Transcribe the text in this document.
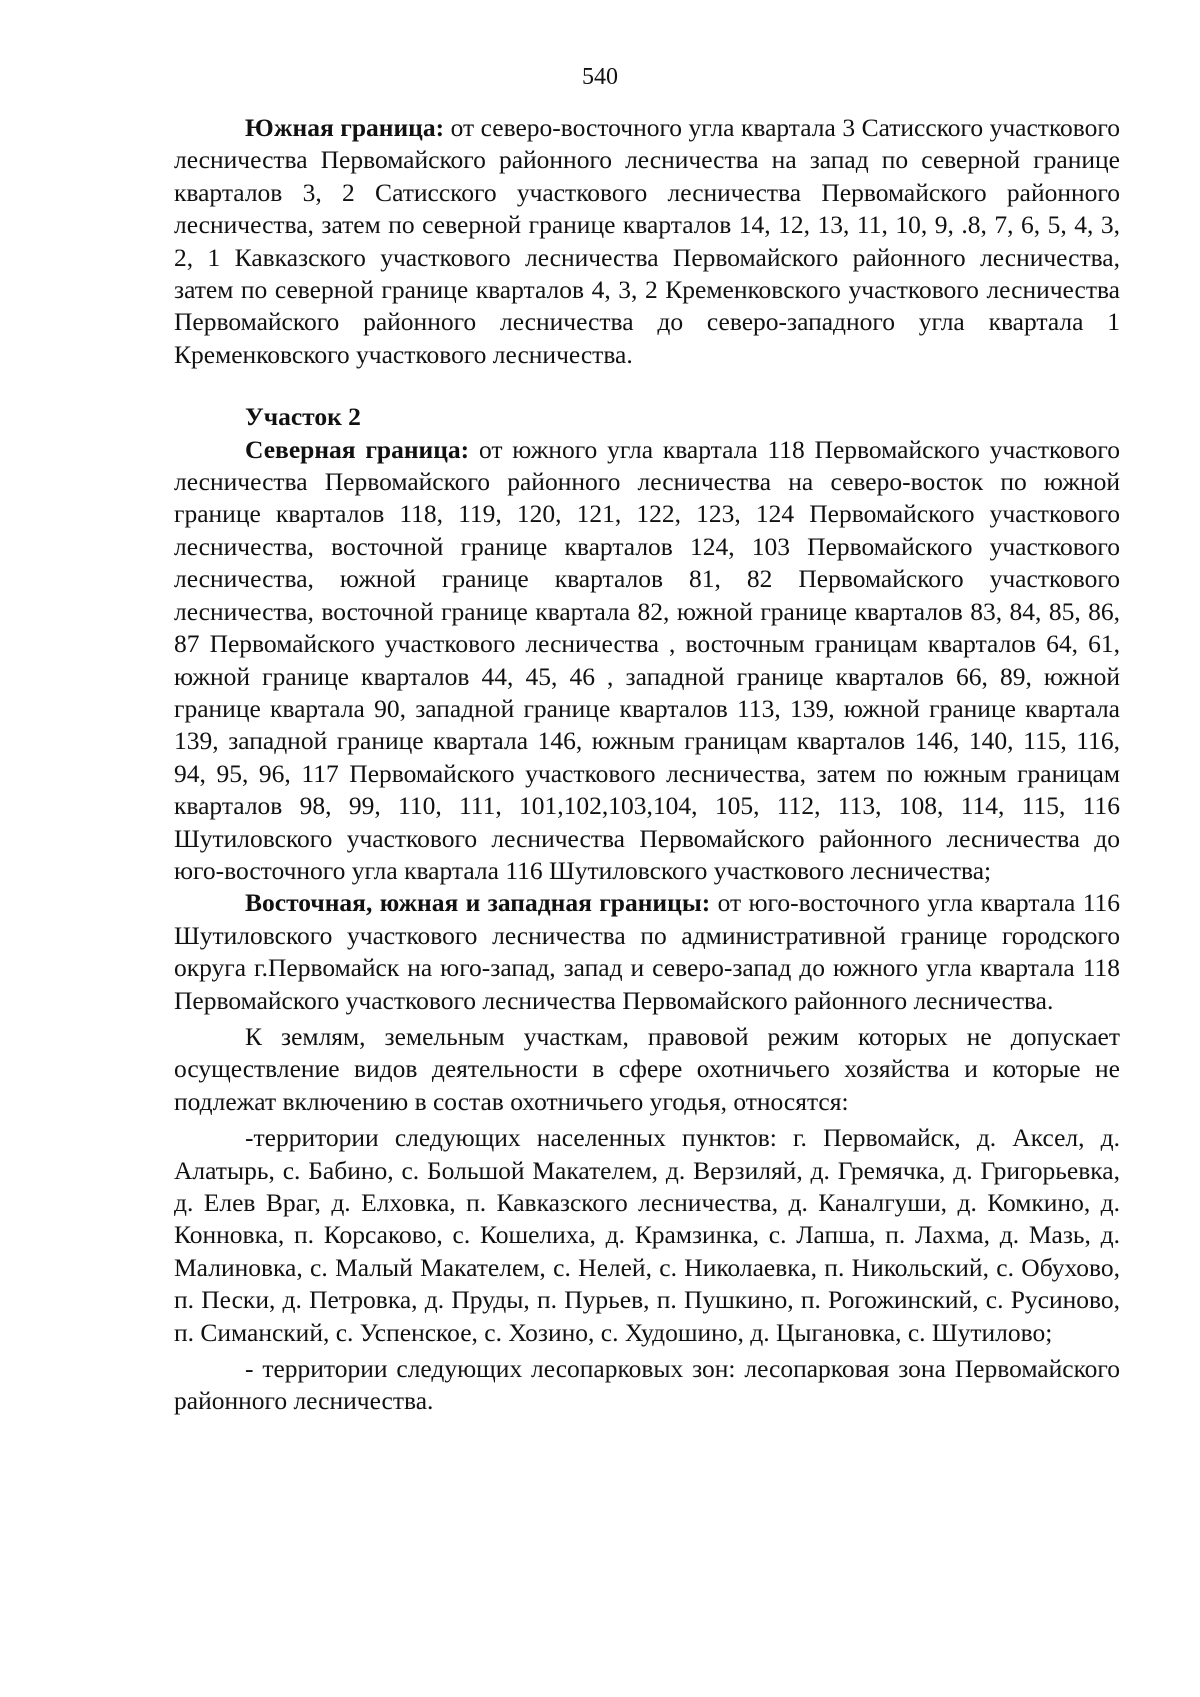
540

Южная граница: от северо-восточного угла квартала 3 Сатисского участкового лесничества Первомайского районного лесничества на запад по северной границе кварталов 3, 2 Сатисского участкового лесничества Первомайского районного лесничества, затем по северной границе кварталов 14, 12, 13, 11, 10, 9, .8, 7, 6, 5, 4, 3, 2, 1 Кавказского участкового лесничества Первомайского районного лесничества, затем по северной границе кварталов 4, 3, 2 Кременковского участкового лесничества Первомайского районного лесничества до северо-западного угла квартала 1 Кременковского участкового лесничества.

Участок 2

Северная граница: от южного угла квартала 118 Первомайского участкового лесничества Первомайского районного лесничества на северо-восток по южной границе кварталов 118, 119, 120, 121, 122, 123, 124 Первомайского участкового лесничества, восточной границе кварталов 124, 103 Первомайского участкового лесничества, южной границе кварталов 81, 82 Первомайского участкового лесничества, восточной границе квартала 82, южной границе кварталов 83, 84, 85, 86, 87 Первомайского участкового лесничества , восточным границам кварталов 64, 61, южной границе кварталов 44, 45, 46 , западной границе кварталов 66, 89, южной границе квартала 90, западной границе кварталов 113, 139, южной границе квартала 139, западной границе квартала 146, южным границам кварталов 146, 140, 115, 116, 94, 95, 96, 117 Первомайского участкового лесничества, затем по южным границам кварталов 98, 99, 110, 111, 101,102,103,104, 105, 112, 113, 108, 114, 115, 116 Шутиловского участкового лесничества Первомайского районного лесничества до юго-восточного угла квартала 116 Шутиловского участкового лесничества;

Восточная, южная и западная границы: от юго-восточного угла квартала 116 Шутиловского участкового лесничества по административной границе городского округа г.Первомайск на юго-запад, запад и северо-запад до южного угла квартала 118 Первомайского участкового лесничества Первомайского районного лесничества.

К землям, земельным участкам, правовой режим которых не допускает осуществление видов деятельности в сфере охотничьего хозяйства и которые не подлежат включению в состав охотничьего угодья, относятся:

-территории следующих населенных пунктов: г. Первомайск, д. Аксел, д. Алатырь, с. Бабино, с. Большой Макателем, д. Верзиляй, д. Гремячка, д. Григорьевка, д. Елев Враг, д. Елховка, п. Кавказского лесничества, д. Каналгуши, д. Комкино, д. Конновка, п. Корсаково, с. Кошелиха, д. Крамзинка, с. Лапша, п. Лахма, д. Мазь, д. Малиновка, с. Малый Макателем, с. Нелей, с. Николаевка, п. Никольский, с. Обухово, п. Пески, д. Петровка, д. Пруды, п. Пурьев, п. Пушкино, п. Рогожинский, с. Русиново, п. Симанский, с. Успенское, с. Хозино, с. Худошино, д. Цыгановка, с. Шутилово;

- территории следующих лесопарковых зон: лесопарковая зона Первомайского районного лесничества.
